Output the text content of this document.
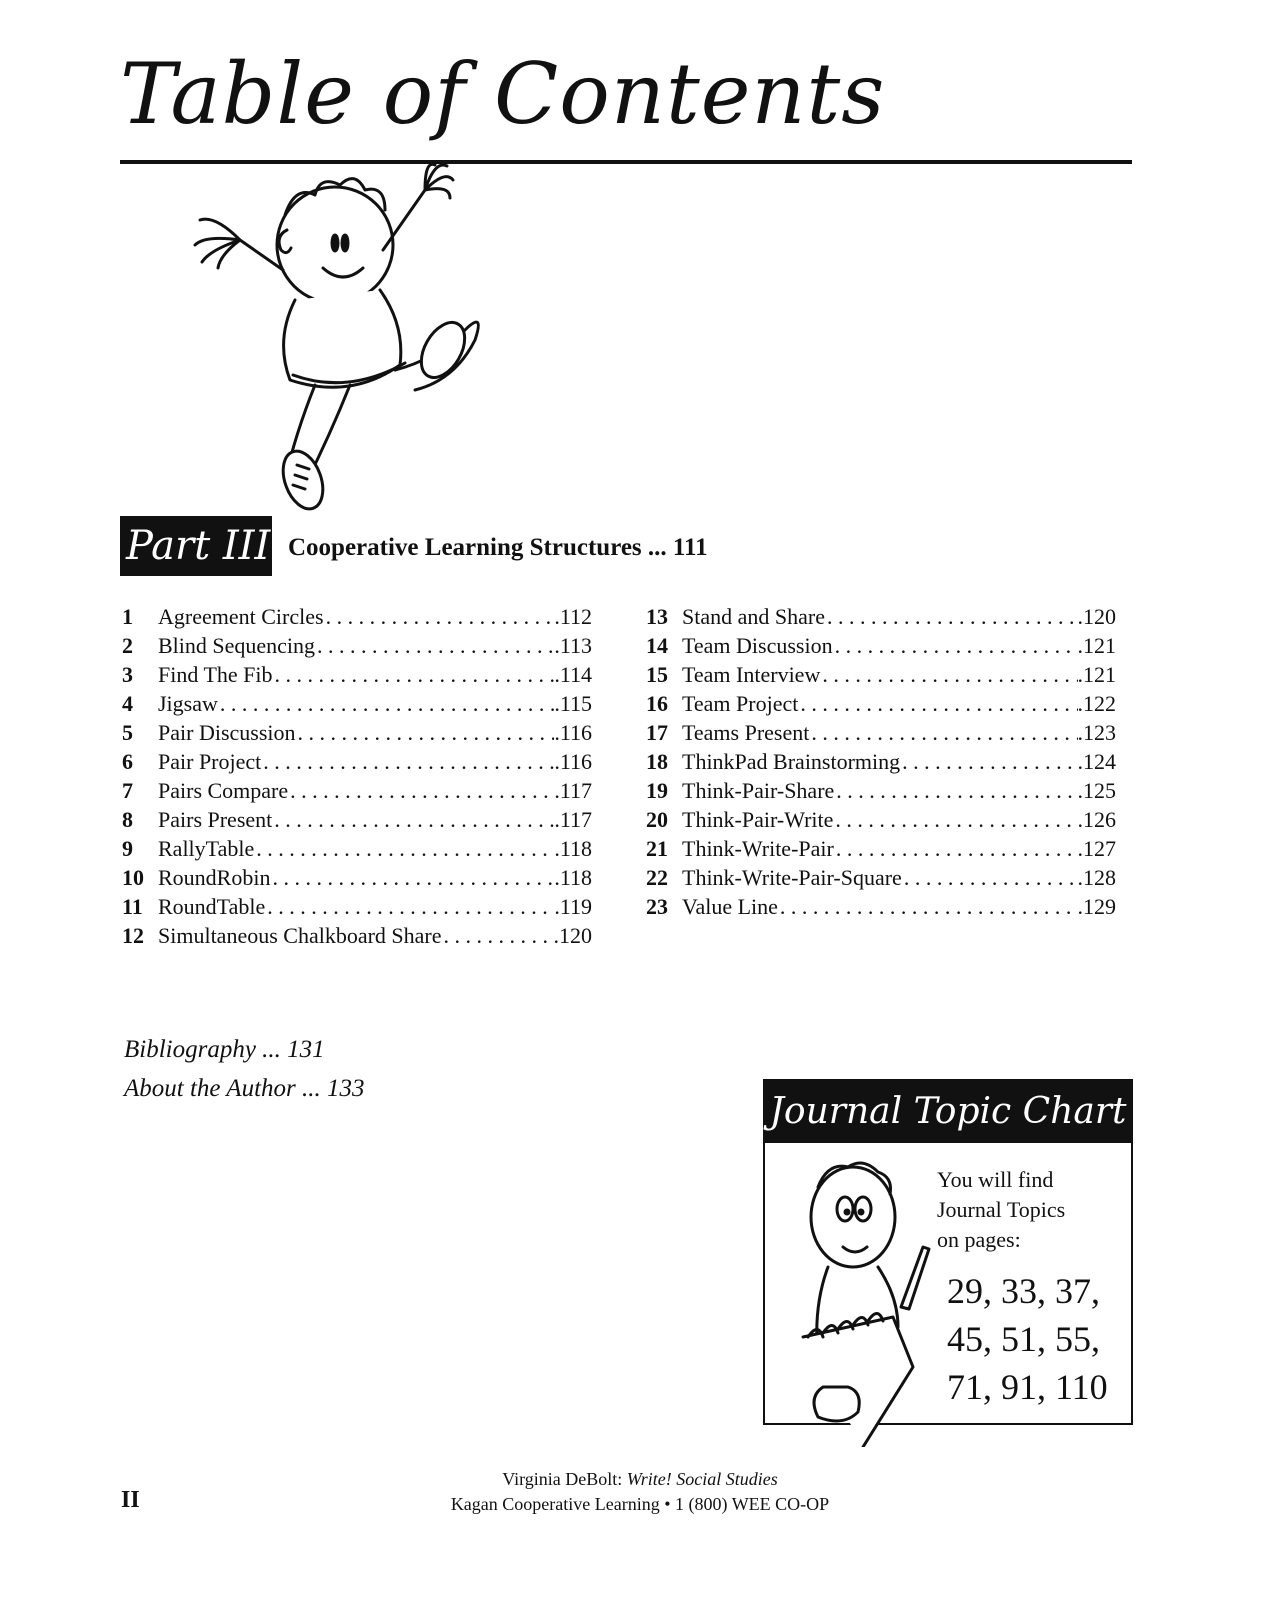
Table of Contents
Part III Cooperative Learning Structures ... 111
1	Agreement Circles . . .	.112
2	Blind Sequencing . . .	.113
3	Find The Fib . . .	.114
4	Jigsaw . . .	.115
5	Pair Discussion . . .	.116
6	Pair Project . . .	.116
7	Pairs Compare . . .	.117
8	Pairs Present . . .	.117
9	RallyTable . . .	.118
10 RoundRobin . . .	.118
11 RoundTable . . .	.119
12 Simultaneous Chalkboard Share . . .	.120
13 Stand and Share . . .	.120
14 Team Discussion . . .	.121
15 Team Interview . . .	.121
16 Team Project . . .	.122
17 Teams Present . . .	.123
18 ThinkPad Brainstorming . . .	.124
19 Think-Pair-Share . . .	.125
20 Think-Pair-Write . . .	.126
21 Think-Write-Pair . . .	.127
22 Think-Write-Pair-Square . . .	.128
23 Value Line . . .	.129
Bibliography ... 131
About the Author ... 133
Journal Topic Chart
You will find
Journal Topics
on pages:
29, 33, 37,
45, 51, 55,
71, 91, 110
II
Virginia DeBolt: Write! Social Studies
Kagan Cooperative Learning • 1 (800) WEE CO-OP
